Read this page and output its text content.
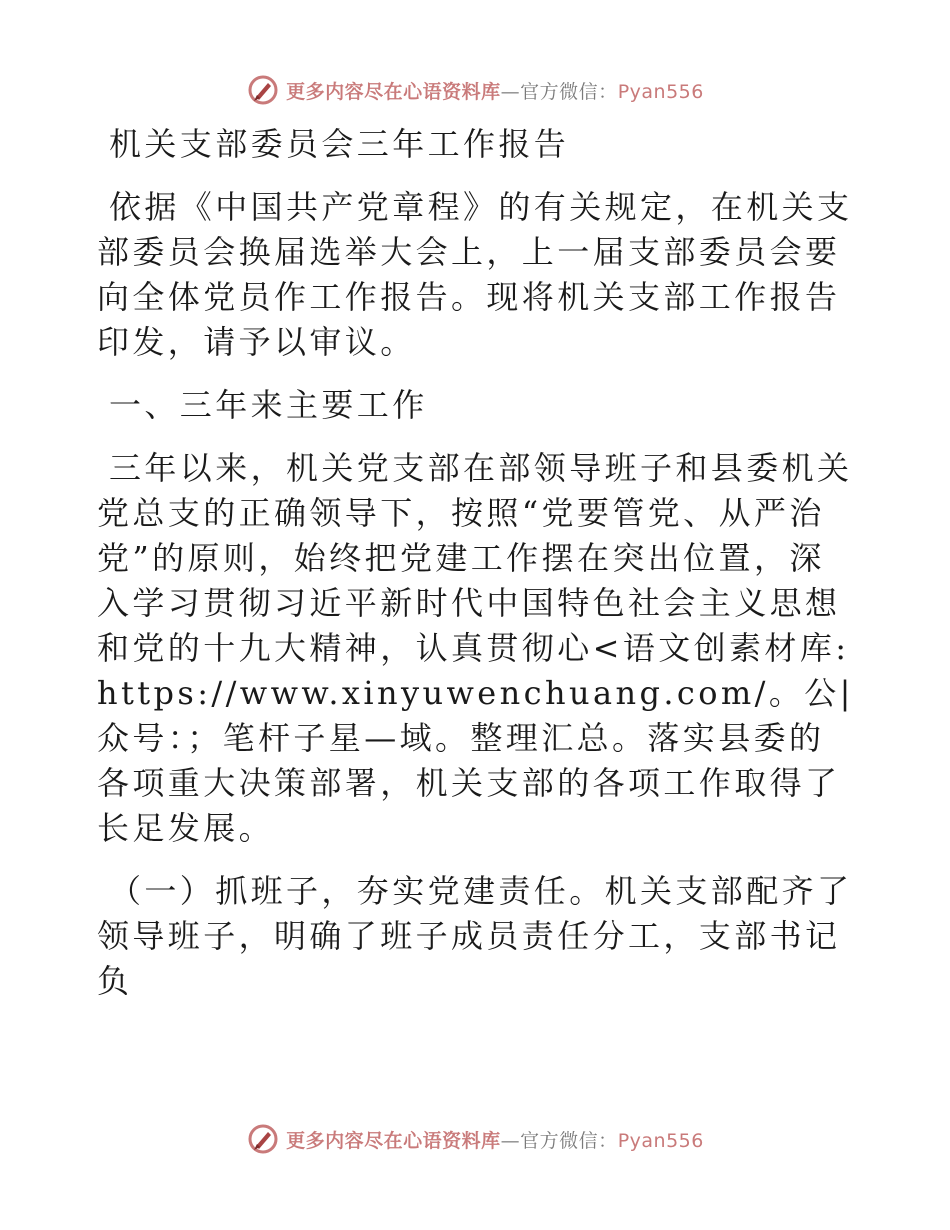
更多内容尽在心语资料库—官方微信：Pyan556

机关支部委员会三年工作报告

依据《中国共产党章程》的有关规定，在机关支部委员会换届选举大会上，上一届支部委员会要向全体党员作工作报告。现将机关支部工作报告印发，请予以审议。

一、三年来主要工作

三年以来，机关党支部在部领导班子和县委机关党总支的正确领导下，按照“党要管党、从严治党”的原则，始终把党建工作摆在突出位置，深入学习贯彻习近平新时代中国特色社会主义思想和党的十九大精神，认真贯彻心<语文创素材库:https://www.xinyuwenchuang.com/。公|众号：；笔杆子星—域。整理汇总。落实县委的各项重大决策部署，机关支部的各项工作取得了长足发展。

（一）抓班子，夯实党建责任。机关支部配齐了领导班子，明确了班子成员责任分工，支部书记负

更多内容尽在心语资料库—官方微信：Pyan556
